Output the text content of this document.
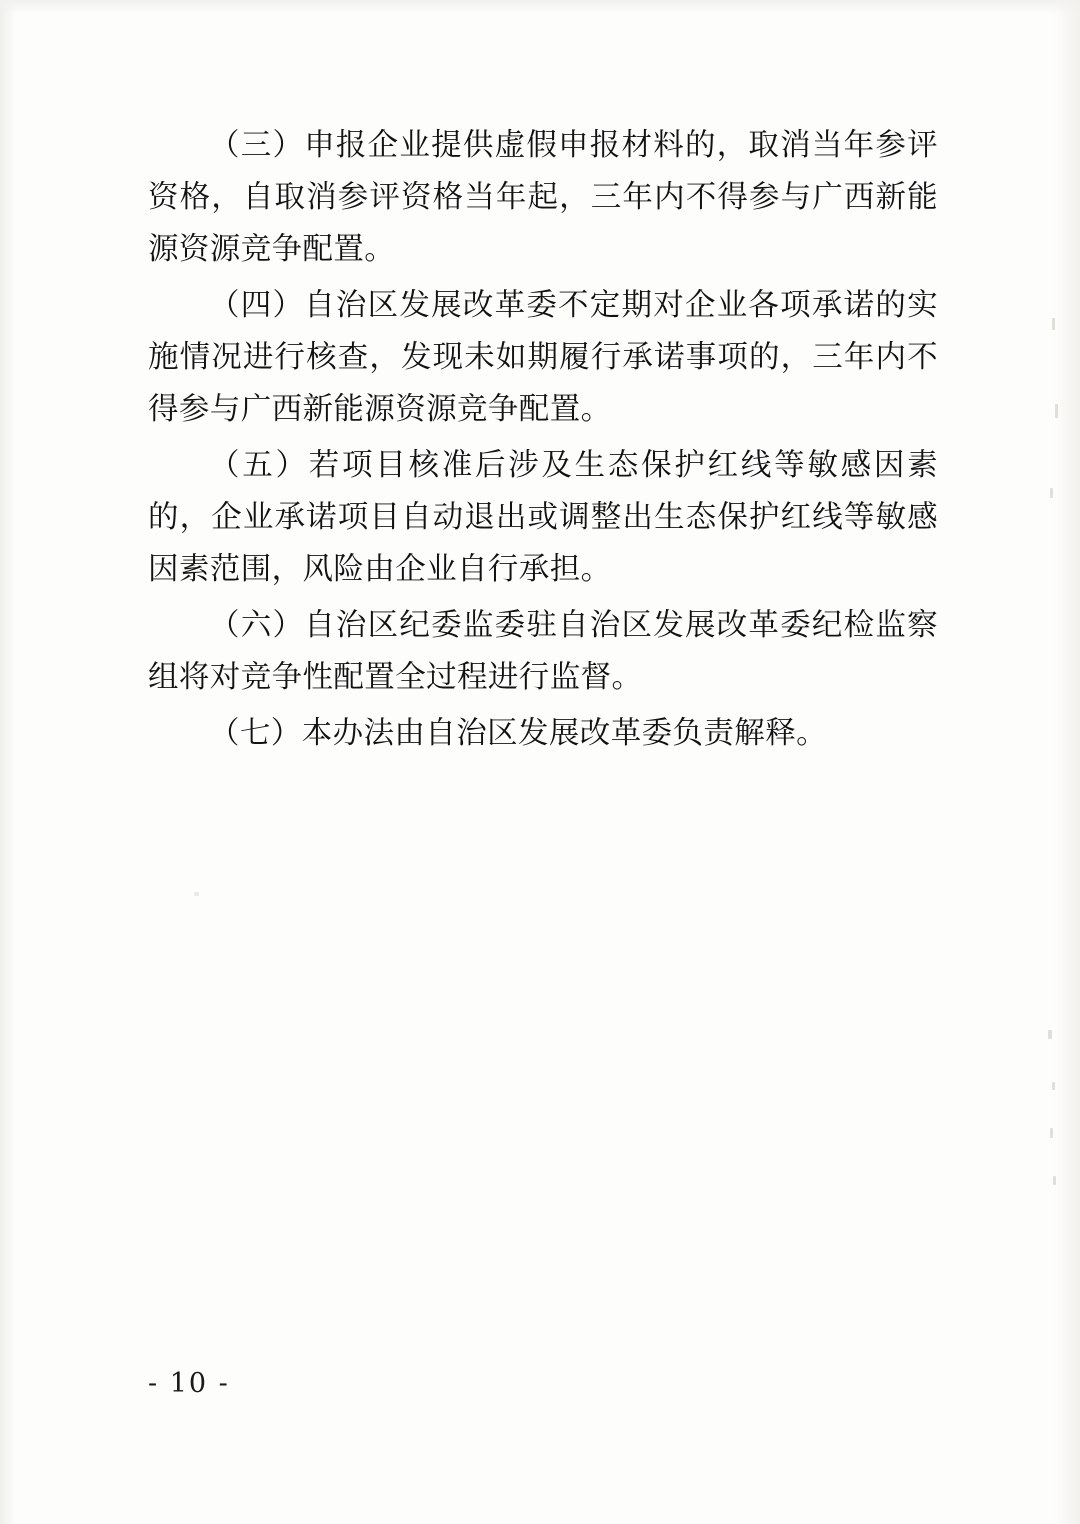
（三）申报企业提供虚假申报材料的，取消当年参评资格，自取消参评资格当年起，三年内不得参与广西新能源资源竞争配置。

（四）自治区发展改革委不定期对企业各项承诺的实施情况进行核查，发现未如期履行承诺事项的，三年内不得参与广西新能源资源竞争配置。

（五）若项目核准后涉及生态保护红线等敏感因素的，企业承诺项目自动退出或调整出生态保护红线等敏感因素范围，风险由企业自行承担。

（六）自治区纪委监委驻自治区发展改革委纪检监察组将对竞争性配置全过程进行监督。

（七）本办法由自治区发展改革委负责解释。

- 10 -
